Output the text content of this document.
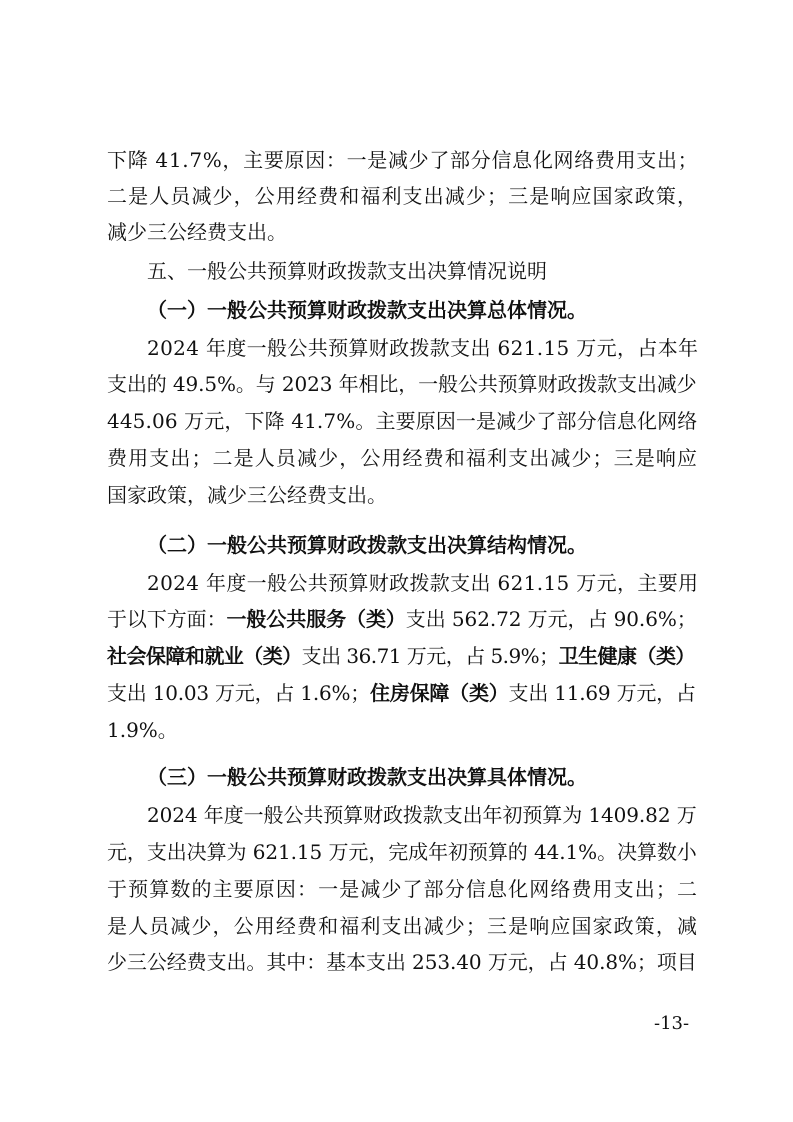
下降 41.7%，主要原因：一是减少了部分信息化网络费用支出；
二是人员减少，公用经费和福利支出减少；三是响应国家政策，
减少三公经费支出。
五、一般公共预算财政拨款支出决算情况说明
（一）一般公共预算财政拨款支出决算总体情况。
2024 年度一般公共预算财政拨款支出 621.15 万元，占本年
支出的 49.5%。与 2023 年相比，一般公共预算财政拨款支出减少
445.06 万元，下降 41.7%。主要原因一是减少了部分信息化网络
费用支出；二是人员减少，公用经费和福利支出减少；三是响应
国家政策，减少三公经费支出。
（二）一般公共预算财政拨款支出决算结构情况。
2024 年度一般公共预算财政拨款支出 621.15 万元，主要用
于以下方面：一般公共服务（类）支出 562.72 万元，占 90.6%；
社会保障和就业（类）支出 36.71 万元，占 5.9%；卫生健康（类）
支出 10.03 万元，占 1.6%；住房保障（类）支出 11.69 万元，占
1.9%。
（三）一般公共预算财政拨款支出决算具体情况。
2024 年度一般公共预算财政拨款支出年初预算为 1409.82 万
元，支出决算为 621.15 万元，完成年初预算的 44.1%。决算数小
于预算数的主要原因：一是减少了部分信息化网络费用支出；二
是人员减少，公用经费和福利支出减少；三是响应国家政策，减
少三公经费支出。其中：基本支出 253.40 万元，占 40.8%；项目
-13-
